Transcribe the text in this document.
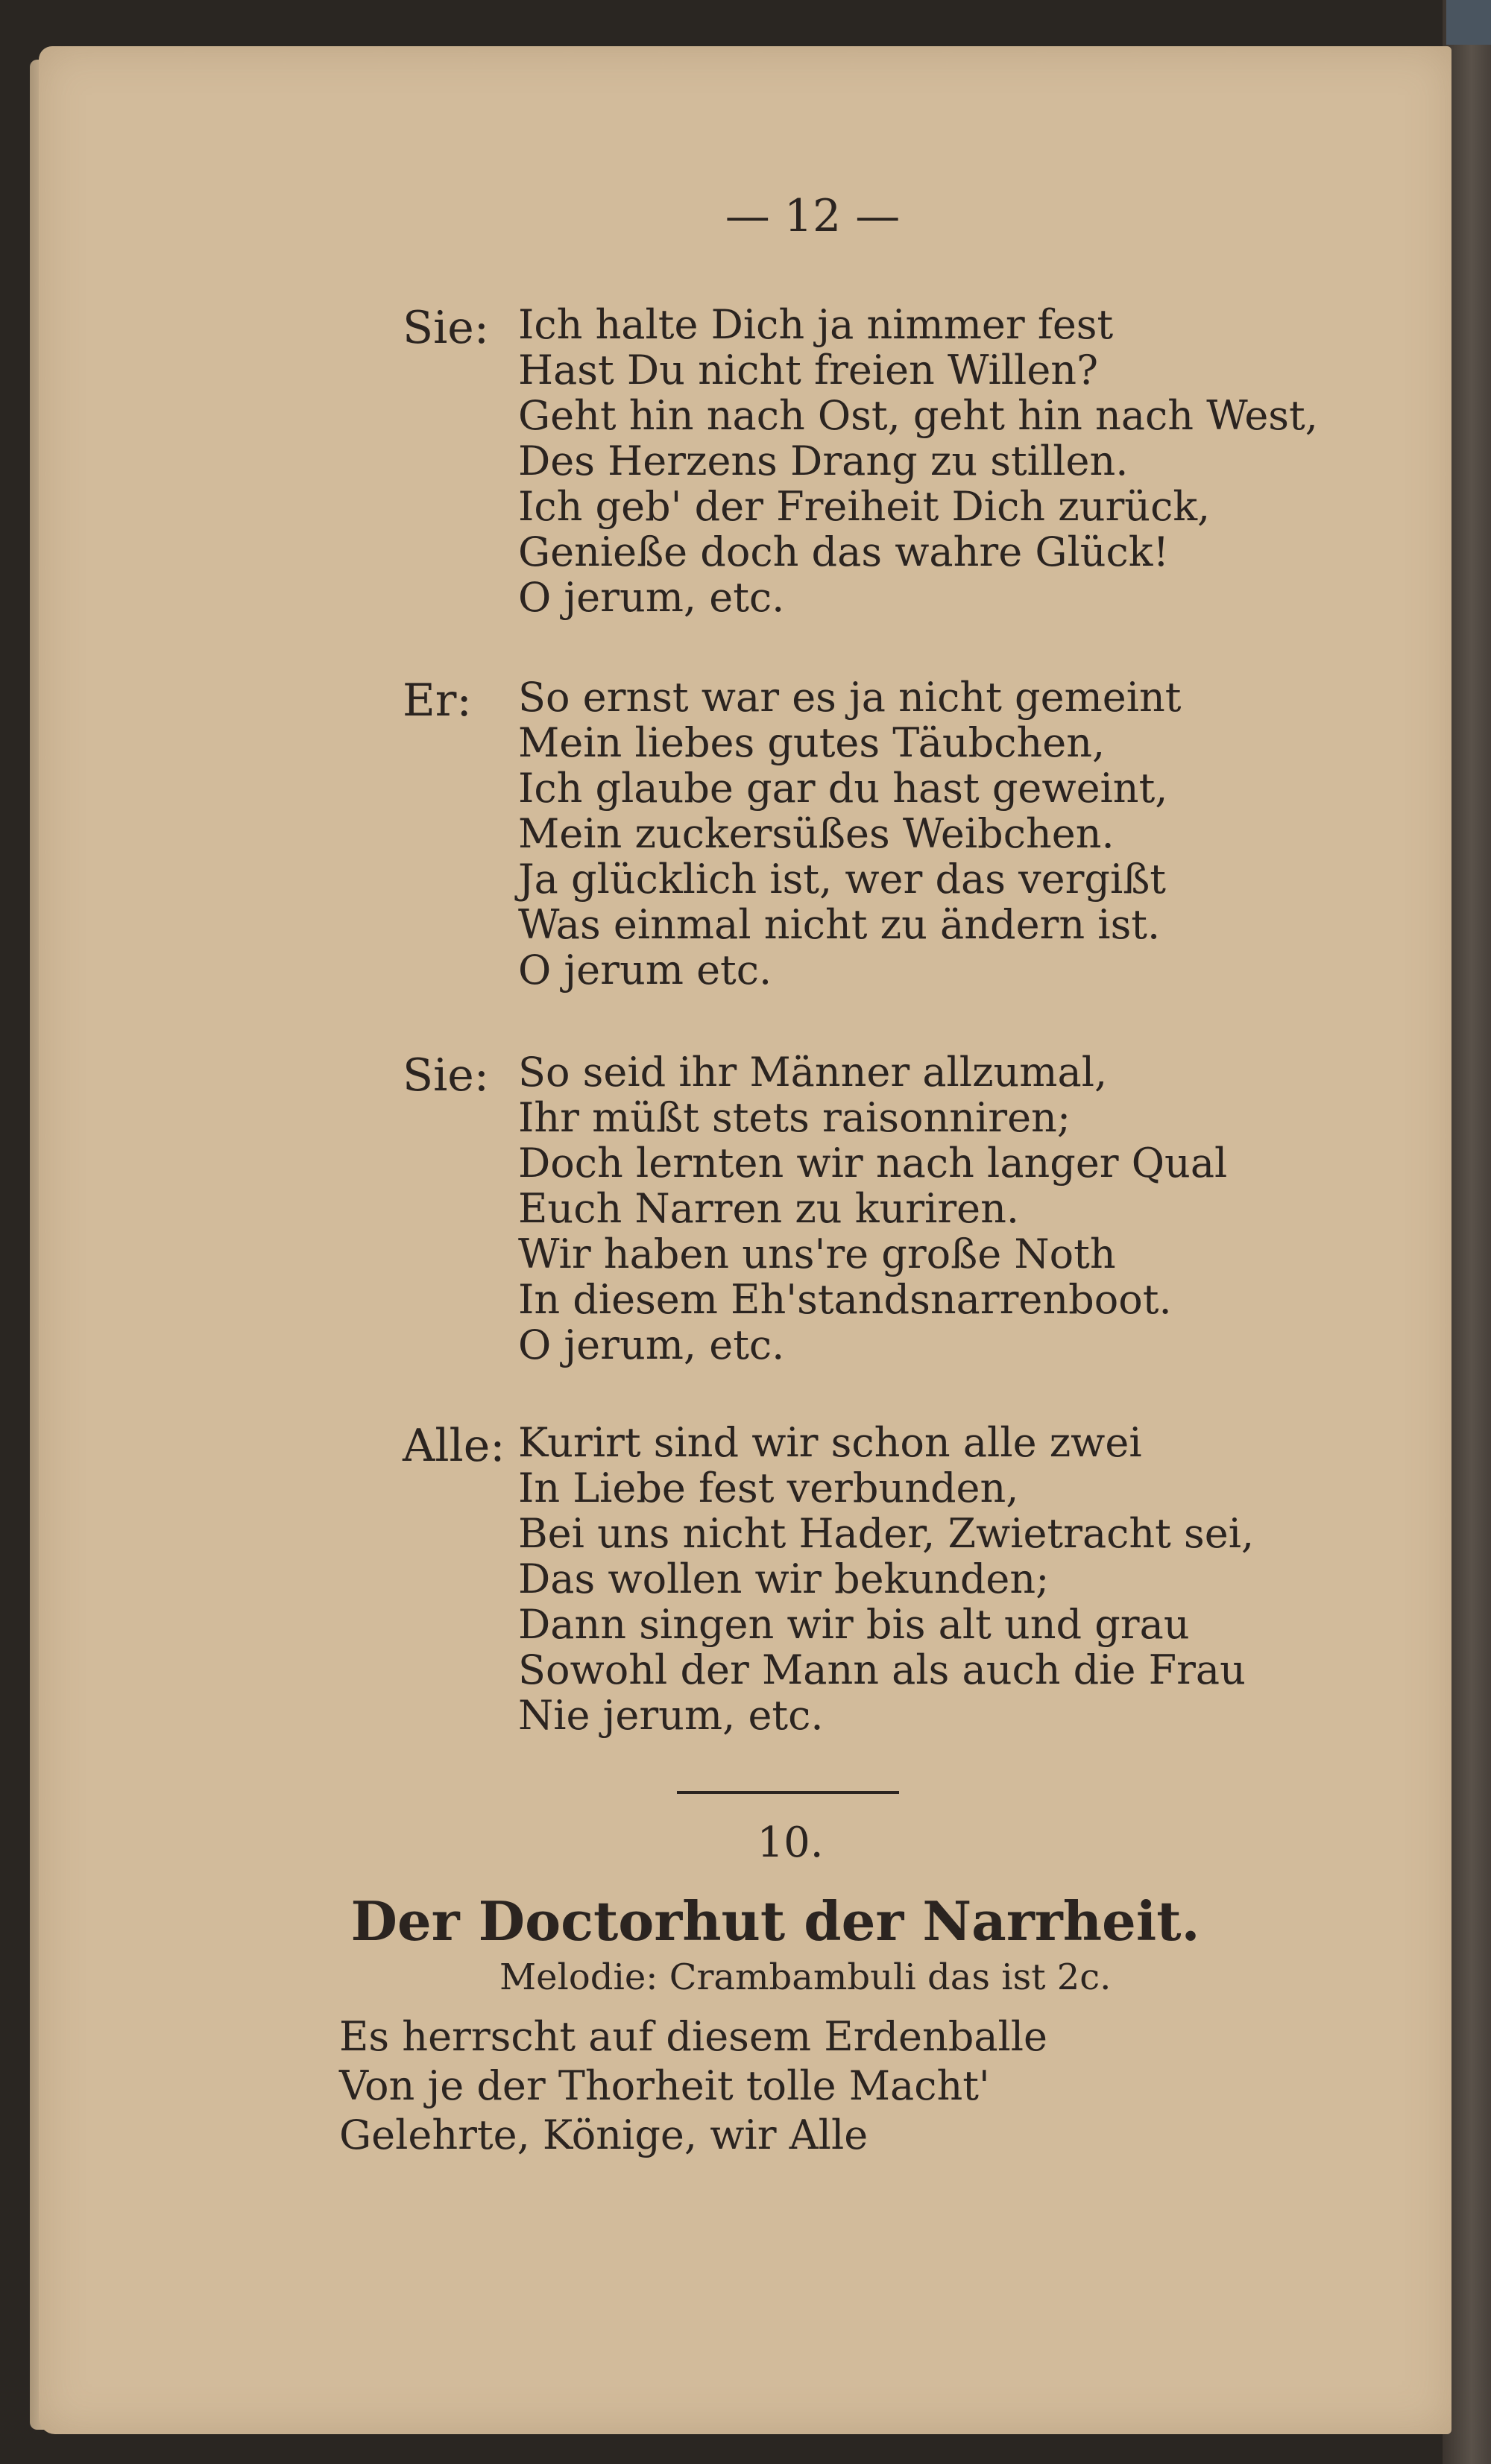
— 12 —
Sie: Ich halte Dich ja nimmer fest
Hast Du nicht freien Willen?
Geht hin nach Ost, geht hin nach West,
Des Herzens Drang zu stillen.
Ich geb' der Freiheit Dich zurück,
Genieße doch das wahre Glück!
O jerum, etc.
Er: So ernst war es ja nicht gemeint
Mein liebes gutes Täubchen,
Ich glaube gar du hast geweint,
Mein zuckersüßes Weibchen.
Ja glücklich ist, wer das vergißt
Was einmal nicht zu ändern ist.
O jerum etc.
Sie: So seid ihr Männer allzumal,
Ihr müßt stets raisonniren;
Doch lernten wir nach langer Qual
Euch Narren zu kuriren.
Wir haben uns're große Noth
In diesem Eh'standsnarrenboot.
O jerum, etc.
Alle: Kurirt sind wir schon alle zwei
In Liebe fest verbunden,
Bei uns nicht Hader, Zwietracht sei,
Das wollen wir bekunden;
Dann singen wir bis alt und grau
Sowohl der Mann als auch die Frau
Nie jerum, etc.
10.
Der Doctorhut der Narrheit.
Melodie: Crambambuli das ist 2c.
Es herrscht auf diesem Erdenballe
Von je der Thorheit tolle Macht'
Gelehrte, Könige, wir Alle
